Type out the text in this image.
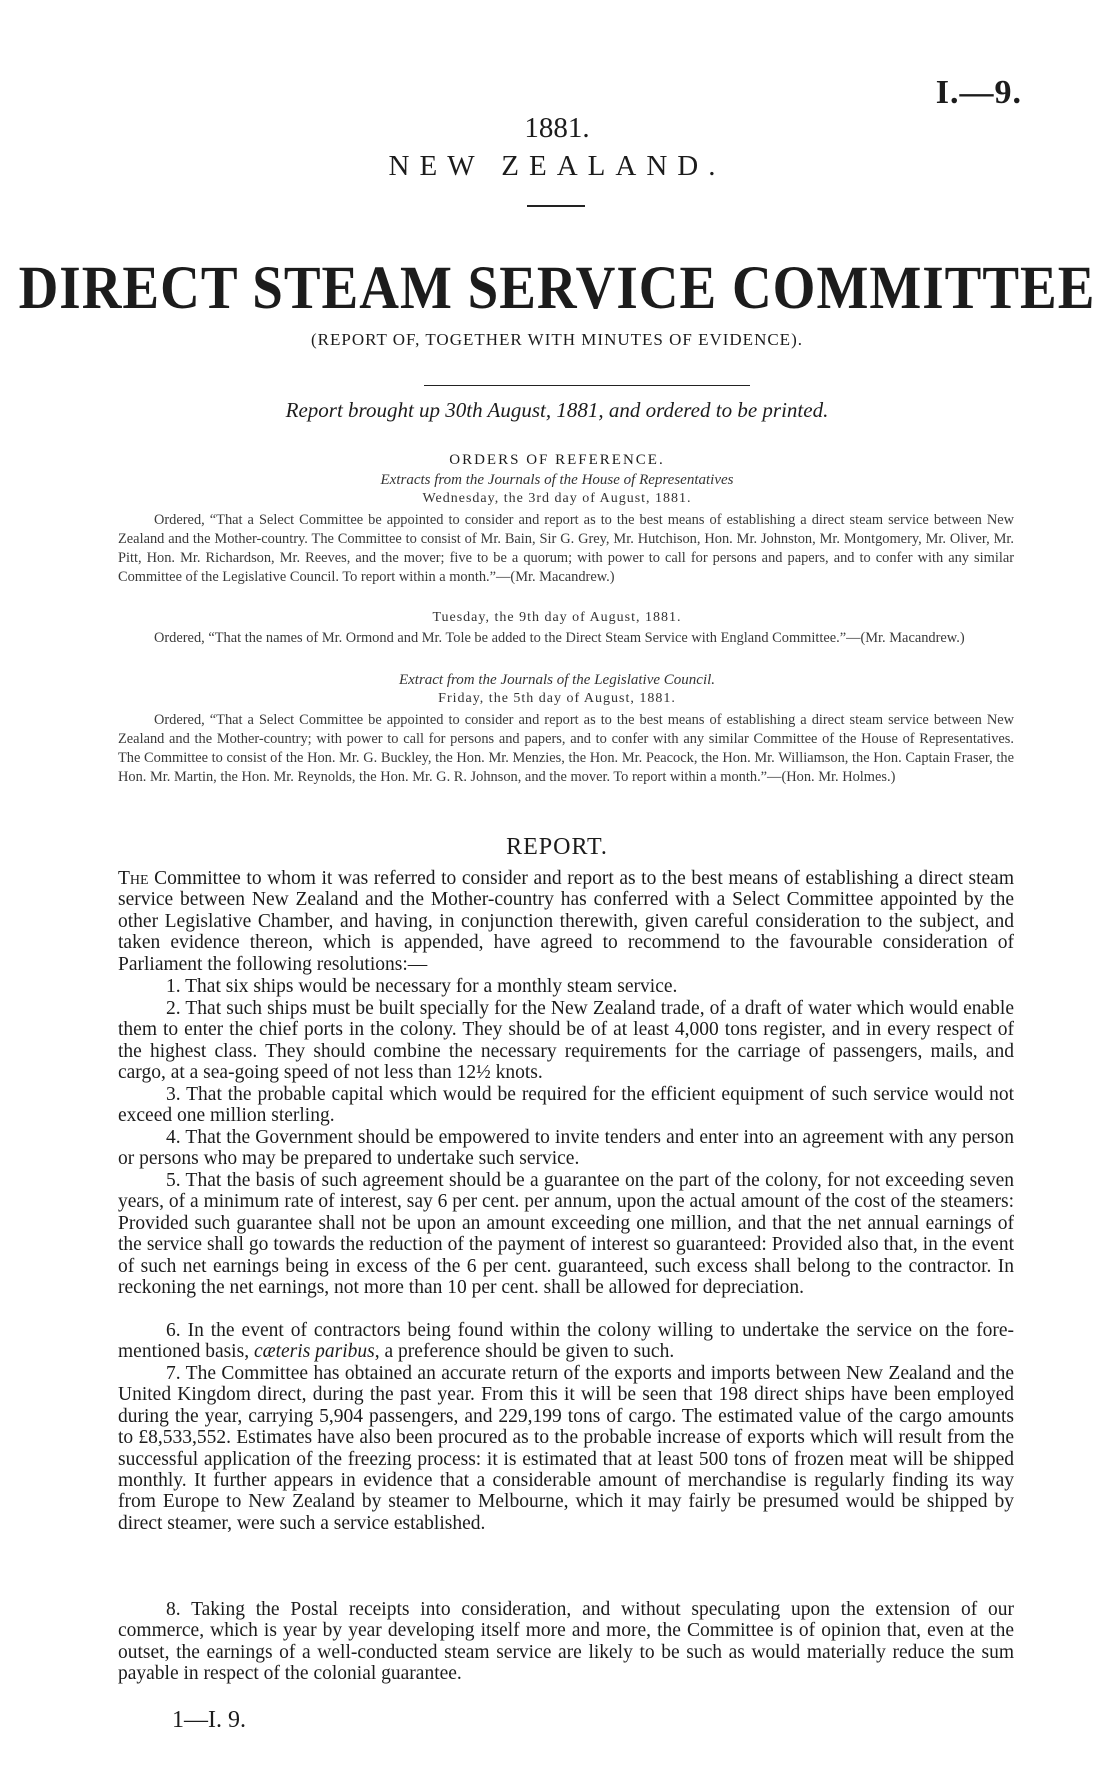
I.—9.
1881.
NEW ZEALAND.
DIRECT STEAM SERVICE COMMITTEE
(REPORT OF, TOGETHER WITH MINUTES OF EVIDENCE).
Report brought up 30th August, 1881, and ordered to be printed.
ORDERS OF REFERENCE.
Extracts from the Journals of the House of Representatives
Wednesday, the 3rd day of August, 1881.

Ordered, “That a Select Committee be appointed to consider and report as to the best means of establishing a direct steam service between New Zealand and the Mother-country. The Committee to consist of Mr. Bain, Sir G. Grey, Mr. Hutchison, Hon. Mr. Johnston, Mr. Montgomery, Mr. Oliver, Mr. Pitt, Hon. Mr. Richardson, Mr. Reeves, and the mover; five to be a quorum; with power to call for persons and papers, and to confer with any similar Committee of the Legislative Council. To report within a month.”—(Mr. Macandrew.)

Tuesday, the 9th day of August, 1881.

Ordered, “That the names of Mr. Ormond and Mr. Tole be added to the Direct Steam Service with England Committee.”—(Mr. Macandrew.)

Extract from the Journals of the Legislative Council.
Friday, the 5th day of August, 1881.

Ordered, “That a Select Committee be appointed to consider and report as to the best means of establishing a direct steam service between New Zealand and the Mother-country; with power to call for persons and papers, and to confer with any similar Committee of the House of Representatives. The Committee to consist of the Hon. Mr. G. Buckley, the Hon. Mr. Menzies, the Hon. Mr. Peacock, the Hon. Mr. Williamson, the Hon. Captain Fraser, the Hon. Mr. Martin, the Hon. Mr. Reynolds, the Hon. Mr. G. R. Johnson, and the mover. To report within a month.”—(Hon. Mr. Holmes.)

REPORT.

The Committee to whom it was referred to consider and report as to the best means of establishing a direct steam service between New Zealand and the Mother-country has conferred with a Select Committee appointed by the other Legislative Chamber, and having, in conjunction therewith, given careful consideration to the subject, and taken evidence thereon, which is appended, have agreed to recommend to the favourable consideration of Parliament the following resolutions:—

1. That six ships would be necessary for a monthly steam service.

2. That such ships must be built specially for the New Zealand trade, of a draft of water which would enable them to enter the chief ports in the colony. They should be of at least 4,000 tons register, and in every respect of the highest class. They should combine the necessary requirements for the carriage of passengers, mails, and cargo, at a sea-going speed of not less than 12½ knots.

3. That the probable capital which would be required for the efficient equipment of such service would not exceed one million sterling.

4. That the Government should be empowered to invite tenders and enter into an agreement with any person or persons who may be prepared to undertake such service.

5. That the basis of such agreement should be a guarantee on the part of the colony, for not exceeding seven years, of a minimum rate of interest, say 6 per cent. per annum, upon the actual amount of the cost of the steamers: Provided such guarantee shall not be upon an amount exceeding one million, and that the net annual earnings of the service shall go towards the reduction of the payment of interest so guaranteed: Provided also that, in the event of such net earnings being in excess of the 6 per cent. guaranteed, such excess shall belong to the contractor. In reckoning the net earnings, not more than 10 per cent. shall be allowed for depreciation.

6. In the event of contractors being found within the colony willing to undertake the service on the fore-mentioned basis, cæteris paribus, a preference should be given to such.

7. The Committee has obtained an accurate return of the exports and imports between New Zealand and the United Kingdom direct, during the past year. From this it will be seen that 198 direct ships have been employed during the year, carrying 5,904 passengers, and 229,199 tons of cargo. The estimated value of the cargo amounts to £8,533,552. Estimates have also been procured as to the probable increase of exports which will result from the successful application of the freezing process: it is estimated that at least 500 tons of frozen meat will be shipped monthly. It further appears in evidence that a considerable amount of merchandise is regularly finding its way from Europe to New Zealand by steamer to Melbourne, which it may fairly be presumed would be shipped by direct steamer, were such a service established.

8. Taking the Postal receipts into consideration, and without speculating upon the extension of our commerce, which is year by year developing itself more and more, the Committee is of opinion that, even at the outset, the earnings of a well-conducted steam service are likely to be such as would materially reduce the sum payable in respect of the colonial guarantee.

1—I. 9.
